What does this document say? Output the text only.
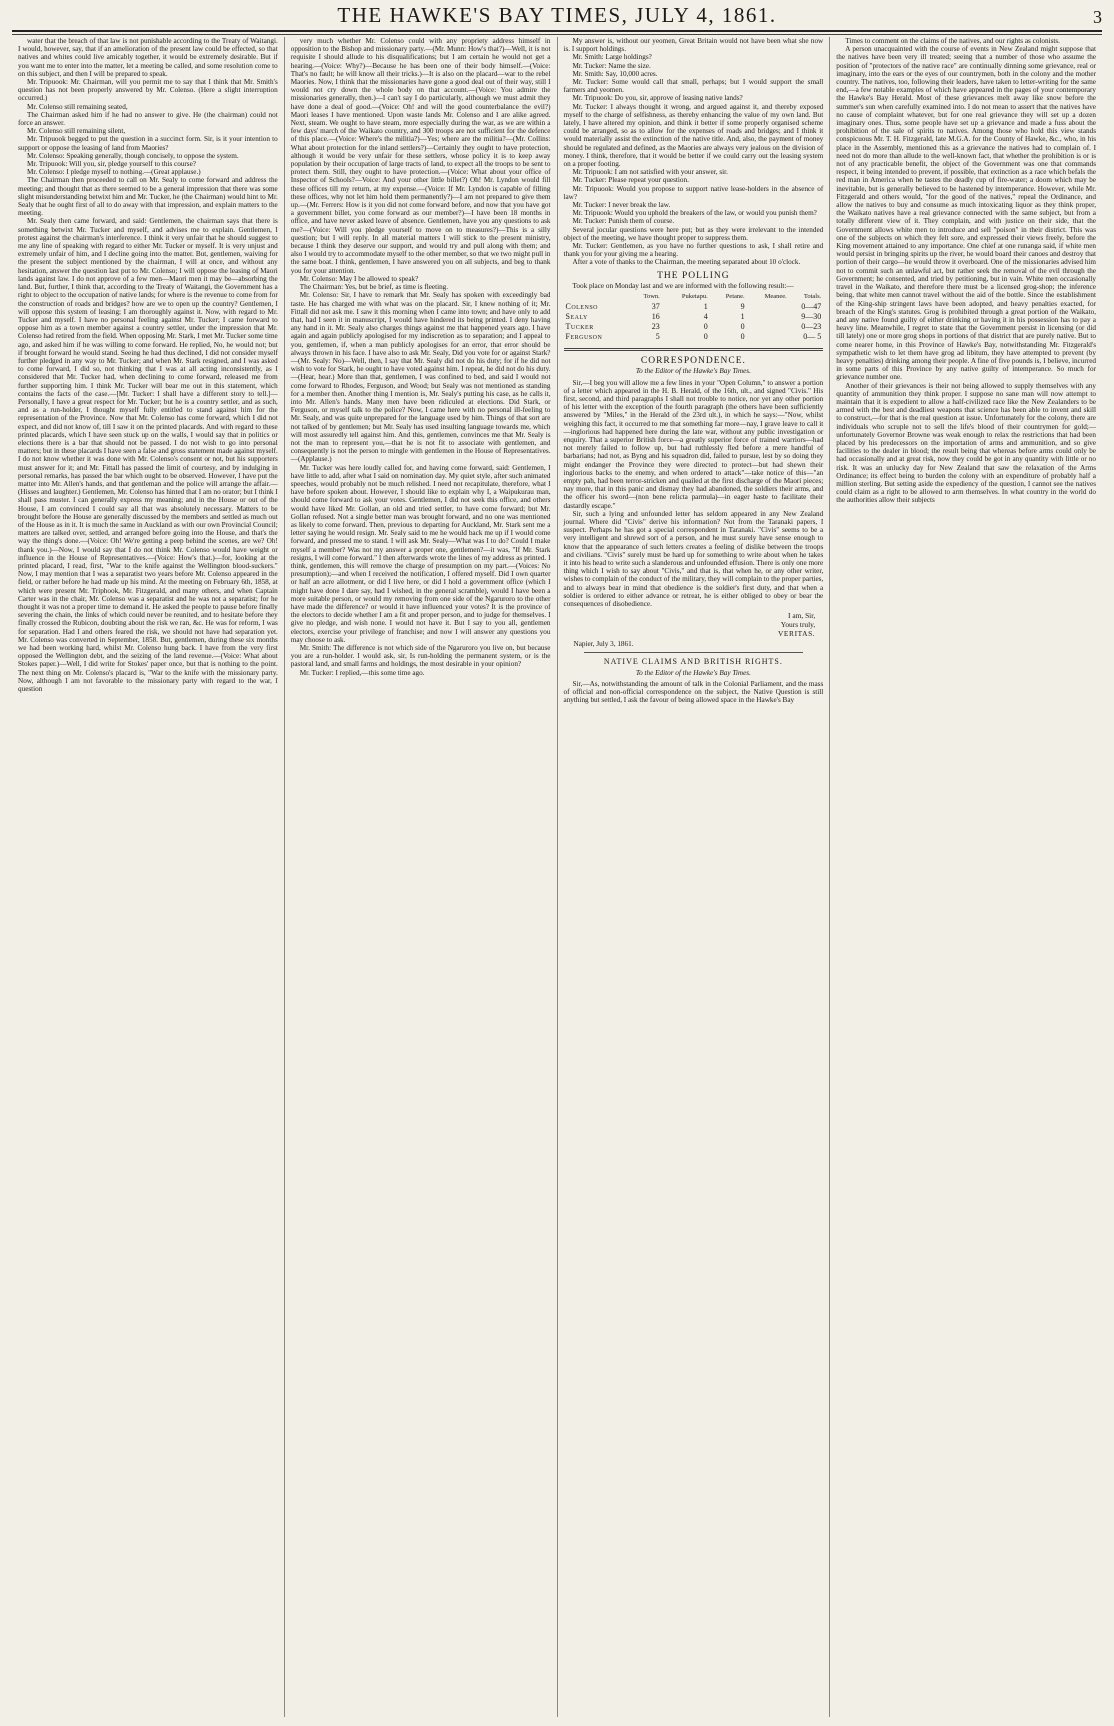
THE HAWKE'S BAY TIMES, JULY 4, 1861.	3

water that the breach of that law is not punishable according to the Treaty of Waitangi. I would, however, say, that if an amelioration of the present law could be effected, so that natives and whites could live amicably together, it would be extremely desirable. But if you want me to enter into the matter, let a meeting be called, and some resolution come to on this subject, and then I will be prepared to speak.

Mr. Tripuook: Mr. Chairman, will you permit me to say that I think that Mr. Smith's question has not been properly answered by Mr. Colenso. (Here a slight interruption occurred.)

Mr. Colenso still remaining seated,

The Chairman asked him if he had no answer to give. He (the chairman) could not force an answer.

Mr. Colenso still remaining silent,

Mr. Tripuook begged to put the question in a succinct form. Sir, is it your intention to support or oppose the leasing of land from Maories?

Mr. Colenso: Speaking generally, though concisely, to oppose the system.

Mr. Tripuook: Will you, sir, pledge yourself to this course?

Mr. Colenso: I pledge myself to nothing.—(Great applause.)

The Chairman then proceeded to call on Mr. Sealy to come forward and address the meeting; and thought that as there seemed to be a general impression that there was some slight misunderstanding betwixt him and Mr. Tucker, he (the Chairman) would hint to Mr. Sealy that he ought first of all to do away with that impression, and explain matters to the meeting.

Mr. Sealy then came forward, and said: Gentlemen, the chairman says that there is something betwixt Mr. Tucker and myself, and advises me to explain. Gentlemen, I protest against the chairman's interference. I think it very unfair that he should suggest to me any line of speaking with regard to either Mr. Tucker or myself. It is very unjust and extremely unfair of him, and I decline going into the matter. But, gentlemen, waiving for the present the subject mentioned by the chairman, I will at once, and without any hesitation, answer the question last put to Mr. Colenso; I will oppose the leasing of Maori lands against law. I do not approve of a few men—Maori men it may be—absorbing the land. But, further, I think that, according to the Treaty of Waitangi, the Government has a right to object to the occupation of native lands; for where is the revenue to come from for the construction of roads and bridges? how are we to open up the country? Gentlemen, I will oppose this system of leasing; I am thoroughly against it. Now, with regard to Mr. Tucker and myself. I have no personal feeling against Mr. Tucker; I came forward to oppose him as a town member against a country settler, under the impression that Mr. Colenso had retired from the field. When opposing Mr. Stark, I met Mr. Tucker some time ago, and asked him if he was willing to come forward. He replied, No, he would not; but if brought forward he would stand. Seeing he had thus declined, I did not consider myself further pledged in any way to Mr. Tucker; and when Mr. Stark resigned, and I was asked to come forward, I did so, not thinking that I was at all acting inconsistently, as I considered that Mr. Tucker had, when declining to come forward, released me from further supporting him. I think Mr. Tucker will bear me out in this statement, which contains the facts of the case.—[Mr. Tucker: I shall have a different story to tell.]—Personally, I have a great respect for Mr. Tucker; but he is a country settler, and as such, and as a run-holder, I thought myself fully entitled to stand against him for the representation of the Province. Now that Mr. Colenso has come forward, which I did not expect, and did not know of, till I saw it on the printed placards. And with regard to these printed placards, which I have seen stuck up on the walls, I would say that in politics or elections there is a bar that should not be passed. I do not wish to go into personal matters; but in these placards I have seen a false and gross statement made against myself. I do not know whether it was done with Mr. Colenso's consent or not, but his supporters must answer for it; and Mr. Fittall has passed the limit of courtesy, and by indulging in personal remarks, has passed the bar which ought to be observed. However, I have put the matter into Mr. Allen's hands, and that gentleman and the police will arrange the affair.—(Hisses and laughter.) Gentlemen, Mr. Colenso has hinted that I am no orator; but I think I shall pass muster. I can generally express my meaning; and in the House or out of the House, I am convinced I could say all that was absolutely necessary. Matters to be brought before the House are generally discussed by the members and settled as much out of the House as in it. It is much the same in Auckland as with our own Provincial Council; matters are talked over, settled, and arranged before going into the House, and that's the way the thing's done.—(Voice: Oh! We're getting a peep behind the scenes, are we? Oh! thank you.)—Now, I would say that I do not think Mr. Colenso would have weight or influence in the House of Representatives.—(Voice: How's that.)—for, looking at the printed placard, I read, first, "War to the knife against the Wellington blood-suckers." Now, I may mention that I was a separatist two years before Mr. Colenso appeared in the field, or rather before he had made up his mind. At the meeting on February 6th, 1858, at which were present Mr. Triphook, Mr. Fitzgerald, and many others, and when Captain Carter was in the chair, Mr. Colenso was a separatist and he was not a separatist; for he thought it was not a proper time to demand it. He asked the people to pause before finally severing the chain, the links of which could never be reunited, and to hesitate before they finally crossed the Rubicon, doubting about the risk we ran, &c. He was for reform, I was for separation. Had I and others feared the risk, we should not have had separation yet. Mr. Colenso was converted in September, 1858. But, gentlemen, during these six months we had been working hard, whilst Mr. Colenso hung back. I have from the very first opposed the Wellington debt, and the seizing of the land revenue.—(Voice: What about Stokes paper.)—Well, I did write for Stokes' paper once, but that is nothing to the point. The next thing on Mr. Colenso's placard is, "War to the knife with the missionary party. Now, although I am not favorable to the missionary party with regard to the war, I question

very much whether Mr. Colenso could with any propriety address himself in opposition to the Bishop and missionary party.—(Mr. Munn: How's that?)—Well, it is not requisite I should allude to his disqualifications; but I am certain he would not get a hearing.—(Voice: Why?)—Because he has been one of their body himself.—(Voice: That's no fault; he will know all their tricks.)—It is also on the placard—war to the rebel Maories. Now, I think that the missionaries have gone a good deal out of their way, still I would not cry down the whole body on that account.—(Voice: You admire the missionaries generally, then.)—I can't say I do particularly, although we must admit they have done a deal of good.—(Voice: Oh! and will the good counterbalance the evil?) Maori leases I have mentioned. Upon waste lands Mr. Colenso and I are alike agreed. Next, steam. We ought to have steam, more especially during the war, as we are within a few days' march of the Waikato country, and 300 troops are not sufficient for the defence of this place.—(Voice: Where's the militia?)—Yes; where are the militia?—(Mr. Collins: What about protection for the inland settlers?)—Certainly they ought to have protection, although it would be very unfair for these settlers, whose policy it is to keep away population by their occupation of large tracts of land, to expect all the troops to be sent to protect them. Still, they ought to have protection.—(Voice: What about your office of Inspector of Schools?—Voice: And your other little billet?) Oh! Mr. Lyndon would fill these offices till my return, at my expense.—(Voice: If Mr. Lyndon is capable of filling these offices, why not let him hold them permanently?)—I am not prepared to give them up.—(Mr. Ferrers: How is it you did not come forward before, and now that you have got a government billet, you come forward as our member?)—I have been 18 months in office, and have never asked leave of absence. Gentlemen, have you any questions to ask me?—(Voice: Will you pledge yourself to move on to measures?)—This is a silly question; but I will reply. In all material matters I will stick to the present ministry, because I think they deserve our support, and would try and pull along with them; and also I would try to accommodate myself to the other member, so that we two might pull in the same boat. I think, gentlemen, I have answered you on all subjects, and beg to thank you for your attention.

Mr. Colenso: May I be allowed to speak?

The Chairman: Yes, but be brief, as time is fleeting.

Mr. Colenso: Sir, I have to remark that Mr. Sealy has spoken with exceedingly bad taste. He has charged me with what was on the placard. Sir, I knew nothing of it; Mr. Fittall did not ask me. I saw it this morning when I came into town; and have only to add that, had I seen it in manuscript, I would have hindered its being printed. I deny having any hand in it. Mr. Sealy also charges things against me that happened years ago. I have again and again publicly apologised for my indiscretion as to separation; and I appeal to you, gentlemen, if, when a man publicly apologises for an error, that error should be always thrown in his face. I have also to ask Mr. Sealy, Did you vote for or against Stark?—(Mr. Sealy: No)—Well, then, I say that Mr. Sealy did not do his duty; for if he did not wish to vote for Stark, he ought to have voted against him. I repeat, he did not do his duty.—(Hear, hear.) More than that, gentlemen, I was confined to bed, and said I would not come forward to Rhodes, Ferguson, and Wood; but Sealy was not mentioned as standing for a member then. Another thing I mention is, Mr. Sealy's putting his case, as he calls it, into Mr. Allen's hands. Many men have been ridiculed at elections. Did Stark, or Ferguson, or myself talk to the police? Now, I came here with no personal ill-feeling to Mr. Sealy, and was quite unprepared for the language used by him. Things of that sort are not talked of by gentlemen; but Mr. Sealy has used insulting language towards me, which will most assuredly tell against him. And this, gentlemen, convinces me that Mr. Sealy is not the man to represent you,—that he is not fit to associate with gentlemen, and consequently is not the person to mingle with gentlemen in the House of Representatives.—(Applause.)

Mr. Tucker was here loudly called for, and having come forward, said: Gentlemen, I have little to add, after what I said on nomination day. My quiet style, after such animated speeches, would probably not be much relished. I need not recapitulate, therefore, what I have before spoken about. However, I should like to explain why I, a Waipukurau man, should come forward to ask your votes. Gentlemen, I did not seek this office, and others would have liked Mr. Gollan, an old and tried settler, to have come forward; but Mr. Gollan refused. Not a single better man was brought forward, and no one was mentioned as likely to come forward. Then, previous to departing for Auckland, Mr. Stark sent me a letter saying he would resign. Mr. Sealy said to me he would back me up if I would come forward, and pressed me to stand. I will ask Mr. Sealy—What was I to do? Could I make myself a member? Was not my answer a proper one, gentlemen?—it was, "If Mr. Stark resigns, I will come forward." I then afterwards wrote the lines of my address as printed. I think, gentlemen, this will remove the charge of presumption on my part.—(Voices: No presumption);—and when I received the notification, I offered myself. Did I own quarter or half an acre allotment, or did I live here, or did I hold a government office (which I might have done I dare say, had I wished, in the general scramble), would I have been a more suitable person, or would my removing from one side of the Ngaruroro to the other have made the difference? or would it have influenced your votes? It is the province of the electors to decide whether I am a fit and proper person, and to judge for themselves. I give no pledge, and wish none. I would not have it. But I say to you all, gentlemen electors, exercise your privilege of franchise; and now I will answer any questions you may choose to ask.

Mr. Smith: The difference is not which side of the Ngaruroro you live on, but because you are a run-holder. I would ask, sir, Is run-holding the permanent system, or is the pastoral land, and small farms and holdings, the most desirable in your opinion?

Mr. Tucker: I replied,—this some time ago.

My answer is, without our yeomen, Great Britain would not have been what she now is. I support holdings.

Mr. Smith: Large holdings?

Mr. Tucker: Name the size.

Mr. Smith: Say, 10,000 acres.

Mr. Tucker: Some would call that small, perhaps; but I would support the small farmers and yeomen.

Mr. Tripuook: Do you, sir, approve of leasing native lands?

Mr. Tucker: I always thought it wrong, and argued against it, and thereby exposed myself to the charge of selfishness, as thereby enhancing the value of my own land. But lately, I have altered my opinion, and think it better if some properly organised scheme could be arranged, so as to allow for the expenses of roads and bridges; and I think it would materially assist the extinction of the native title. And, also, the payment of money should be regulated and defined, as the Maories are always very jealous on the division of money. I think, therefore, that it would be better if we could carry out the leasing system on a proper footing.

Mr. Tripuook: I am not satisfied with your answer, sir.

Mr. Tucker: Please repeat your question.

Mr. Tripuook: Would you propose to support native lease-holders in the absence of law?

Mr. Tucker: I never break the law.

Mr. Tripuook: Would you uphold the breakers of the law, or would you punish them?

Mr. Tucker: Punish them of course.

Several jocular questions were here put; but as they were irrelevant to the intended object of the meeting, we have thought proper to suppress them.

Mr. Tucker: Gentlemen, as you have no further questions to ask, I shall retire and thank you for your giving me a hearing.

After a vote of thanks to the Chairman, the meeting separated about 10 o'clock.

THE POLLING

Took place on Monday last and we are informed with the following result:—

	Town.	Puketapu.	Petane.	Meanee.	Totals.
Colenso	37	1	9	0—47	
Sealy	16	4	1	9—30	
Tucker	23	0	0	0—23	
Ferguson	5	0	0	0— 5	
CORRESPONDENCE.
To the Editor of the Hawke's Bay Times.

Sir,—I beg you will allow me a few lines in your "Open Column," to answer a portion of a letter which appeared in the H. B. Herald, of the 16th, ult., and signed "Civis." His first, second, and third paragraphs I shall not trouble to notice, nor yet any other portion of his letter with the exception of the fourth paragraph (the others have been sufficiently answered by "Miles," in the Herald of the 23rd ult.), in which he says:—"Now, whilst weighing this fact, it occurred to me that something far more—nay, I grave leave to call it—inglorious had happened here during the late war, without any public investigation or enquiry. That a superior British force—a greatly superior force of trained warriors—had not merely failed to follow up, but had ruthlessly fled before a mere handful of barbarians; had not, as Byng and his squadron did, failed to pursue, lest by so doing they might endanger the Province they were directed to protect—but had shewn their inglorious backs to the enemy, and when ordered to attack"—take notice of this—"an empty pah, had been terror-stricken and quailed at the first discharge of the Maori pieces; nay more, that in this panic and dismay they had abandoned, the soldiers their arms, and the officer his sword—(non bene relicta parmula)—in eager haste to facilitate their dastardly escape."

Sir, such a lying and unfounded letter has seldom appeared in any New Zealand journal. Where did "Civis" derive his information? Not from the Taranaki papers, I suspect. Perhaps he has got a special correspondent in Taranaki. "Civis" seems to be a very intelligent and shrewd sort of a person, and he must surely have sense enough to know that the appearance of such letters creates a feeling of dislike between the troops and civilians. "Civis" surely must be hard up for something to write about when he takes it into his head to write such a slanderous and unfounded effusion. There is only one more thing which I wish to say about "Civis," and that is, that when he, or any other writer, wishes to complain of the conduct of the military, they will complain to the proper parties, and to always bear in mind that obedience is the soldier's first duty, and that when a soldier is ordered to either advance or retreat, he is either obliged to obey or bear the consequences of disobedience.

I am, Sir,
Yours truly,
VERITAS.
Napier, July 3, 1861.
NATIVE CLAIMS AND BRITISH RIGHTS.
To the Editor of the Hawke's Bay Times.

Sir,—As, notwithstanding the amount of talk in the Colonial Parliament, and the mass of official and non-official correspondence on the subject, the Native Question is still anything but settled, I ask the favour of being allowed space in the Hawke's Bay

Times to comment on the claims of the natives, and our rights as colonists.

A person unacquainted with the course of events in New Zealand might suppose that the natives have been very ill treated; seeing that a number of those who assume the position of "protectors of the native race" are continually dinning some grievance, real or imaginary, into the ears or the eyes of our countrymen, both in the colony and the mother country. The natives, too, following their leaders, have taken to letter-writing for the same end,—a few notable examples of which have appeared in the pages of your contemporary the Hawke's Bay Herald. Most of these grievances melt away like snow before the summer's sun when carefully examined into. I do not mean to assert that the natives have no cause of complaint whatever, but for one real grievance they will set up a dozen imaginary ones. Thus, some people have set up a grievance and made a fuss about the prohibition of the sale of spirits to natives. Among those who hold this view stands conspicuous Mr. T. H. Fitzgerald, late M.G.A. for the County of Hawke, &c., who, in his place in the Assembly, mentioned this as a grievance the natives had to complain of. I need not do more than allude to the well-known fact, that whether the prohibition is or is not of any practicable benefit, the object of the Government was one that commands respect, it being intended to prevent, if possible, that extinction as a race which befals the red man in America when he tastes the deadly cup of fire-water; a doom which may be inevitable, but is generally believed to be hastened by intemperance. However, while Mr. Fitzgerald and others would, "for the good of the natives," repeal the Ordinance, and allow the natives to buy and consume as much intoxicating liquor as they think proper, the Waikato natives have a real grievance connected with the same subject, but from a totally different view of it. They complain, and with justice on their side, that the Government allows white men to introduce and sell "poison" in their district. This was one of the subjects on which they felt sore, and expressed their views freely, before the King movement attained to any importance. One chief at one runanga said, if white men would persist in bringing spirits up the river, he would board their canoes and destroy that portion of their cargo—he would throw it overboard. One of the missionaries advised him not to commit such an unlawful act, but rather seek the removal of the evil through the Government; he consented, and tried by petitioning, but in vain. White men occasionally travel in the Waikato, and therefore there must be a licensed grog-shop; the inference being, that white men cannot travel without the aid of the bottle. Since the establishment of the King-ship stringent laws have been adopted, and heavy penalties exacted, for breach of the King's statutes. Grog is prohibited through a great portion of the Waikato, and any native found guilty of either drinking or having it in his possession has to pay a heavy line. Meanwhile, I regret to state that the Government persist in licensing (or did till lately) one or more grog shops in portions of that district that are purely native. But to come nearer home, in this Province of Hawke's Bay, notwithstanding Mr. Fitzgerald's sympathetic wish to let them have grog ad libitum, they have attempted to prevent (by heavy penalties) drinking among their people. A fine of five pounds is, I believe, incurred in some parts of this Province by any native guilty of intemperance. So much for grievance number one.

Another of their grievances is their not being allowed to supply themselves with any quantity of ammunition they think proper. I suppose no sane man will now attempt to maintain that it is expedient to allow a half-civilized race like the New Zealanders to be armed with the best and deadliest weapons that science has been able to invent and skill to construct,—for that is the real question at issue. Unfortunately for the colony, there are individuals who scruple not to sell the life's blood of their countrymen for gold;—unfortunately Governor Browne was weak enough to relax the restrictions that had been placed by his predecessors on the importation of arms and ammunition, and so give facilities to the dealer in blood; the result being that whereas before arms could only be had occasionally and at great risk, now they could be got in any quantity with little or no risk. It was an unlucky day for New Zealand that saw the relaxation of the Arms Ordinance; its effect being to burden the colony with an expenditure of probably half a million sterling. But setting aside the expediency of the question, I cannot see the natives could claim as a right to be allowed to arm themselves. In what country in the world do the authorities allow their subjects
